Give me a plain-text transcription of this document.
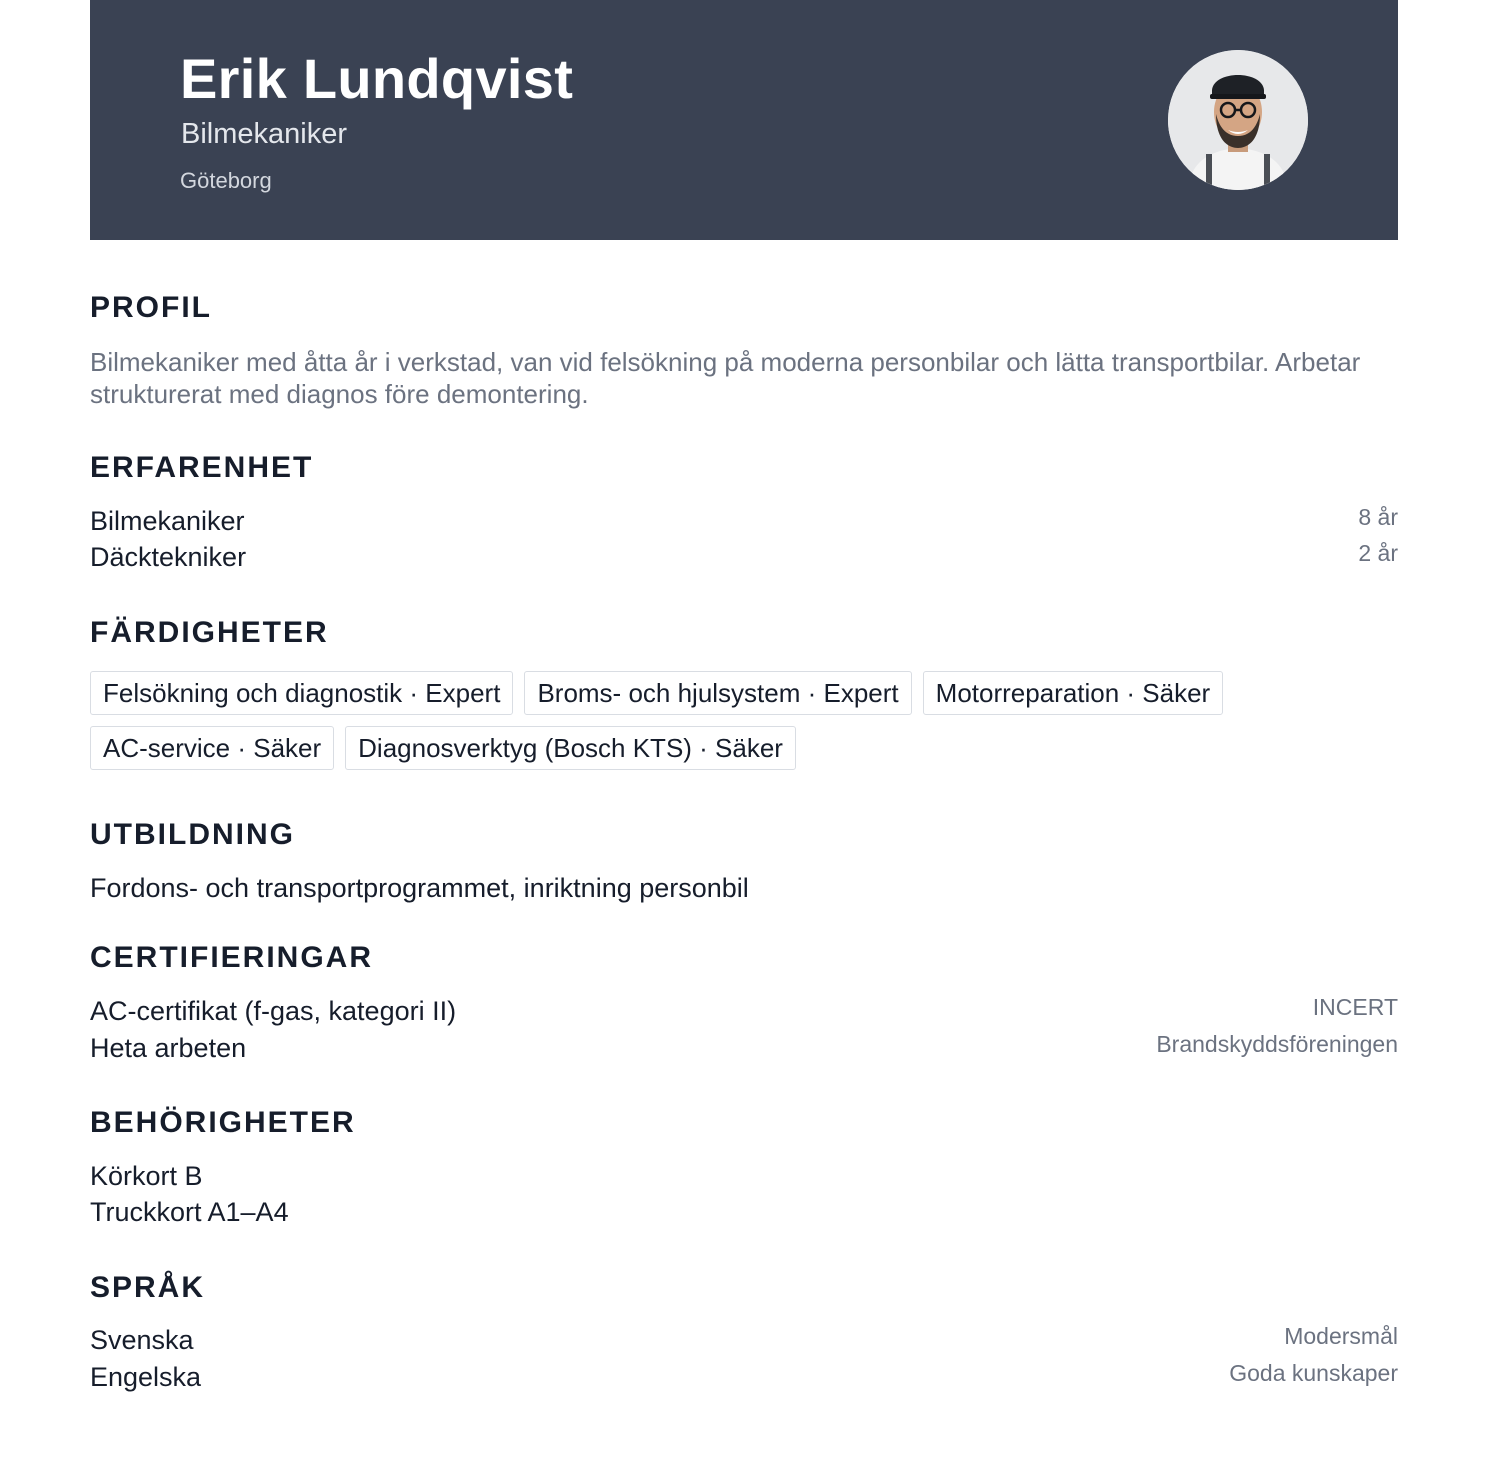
Erik Lundqvist
Bilmekaniker
Göteborg
PROFIL
Bilmekaniker med åtta år i verkstad, van vid felsökning på moderna personbilar och lätta transportbilar. Arbetar strukturerat med diagnos före demontering.
ERFARENHET
Bilmekaniker	8 år
Däcktekniker	2 år
FÄRDIGHETER
Felsökning och diagnostik · Expert	Broms- och hjulsystem · Expert	Motorreparation · Säker
AC-service · Säker	Diagnosverktyg (Bosch KTS) · Säker
UTBILDNING
Fordons- och transportprogrammet, inriktning personbil
CERTIFIERINGAR
AC-certifikat (f-gas, kategori II)	INCERT
Heta arbeten	Brandskyddsföreningen
BEHÖRIGHETER
Körkort B
Truckkort A1–A4
SPRÅK
Svenska	Modersmål
Engelska	Goda kunskaper
